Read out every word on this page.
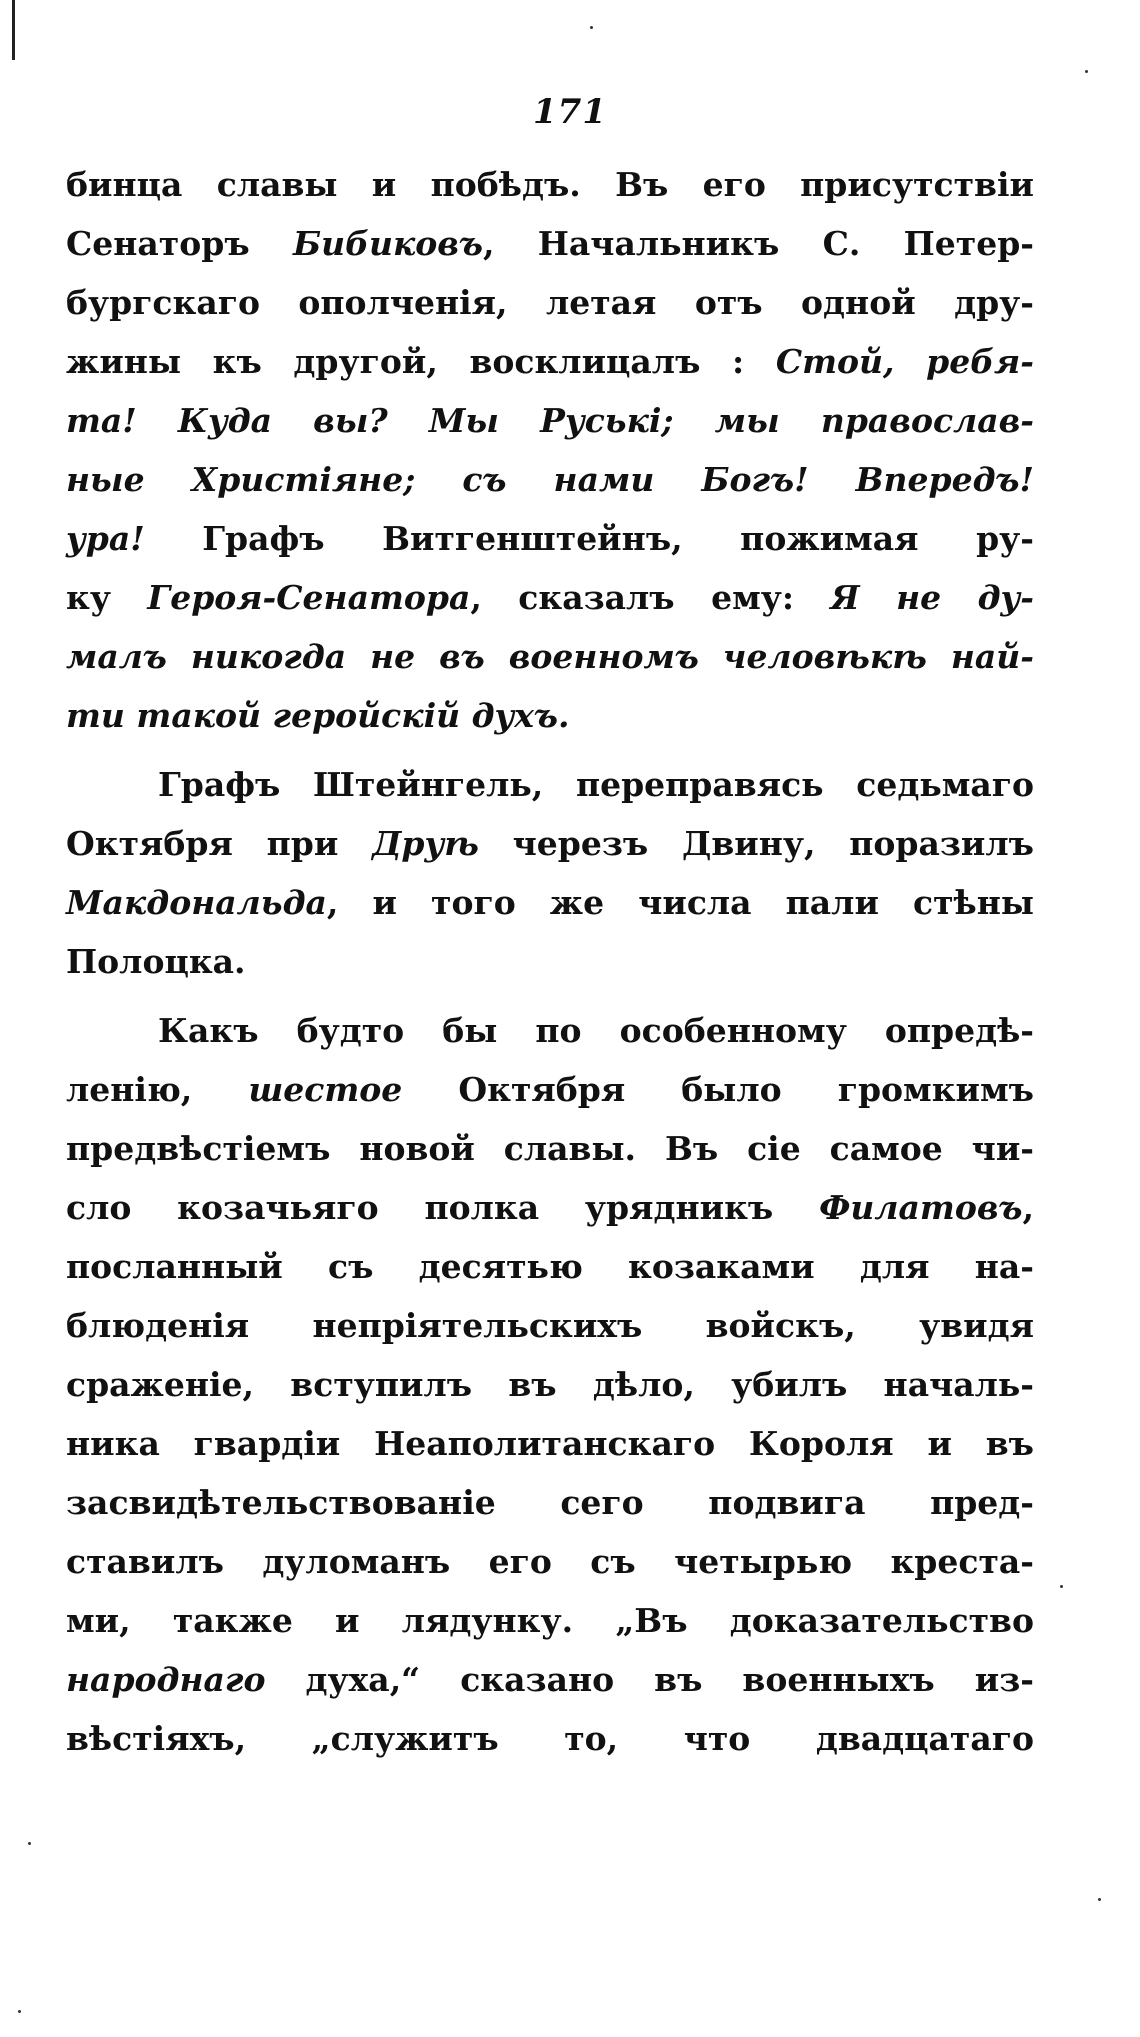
171
бинца славы и побѣдъ. Въ его присутствіи
Сенаторъ Бибиковъ, Начальникъ С. Петер-
бургскаго ополченія, летая отъ одной дру-
жины къ другой, восклицалъ : Стой, ребя-
та! Куда вы? Мы Руські; мы православ-
ные Христіяне; съ нами Богъ! Впередъ!
ура! Графъ Витгенштейнъ, пожимая ру-
ку Героя-Сенатора, сказалъ ему: Я не ду-
малъ никогда не въ военномъ человѣкѣ най-
ти такой геройскій духъ.
Графъ Штейнгель, переправясь седьмаго
Октября при Друѣ черезъ Двину, поразилъ
Макдональда, и того же числа пали стѣны
Полоцка.
Какъ будто бы по особенному опредѣ-
ленію, шестое Октября было громкимъ
предвѣстіемъ новой славы. Въ сіе самое чи-
сло козачьяго полка урядникъ Филатовъ,
посланный съ десятью козаками для на-
блюденія непріятельскихъ войскъ, увидя
сраженіе, вступилъ въ дѣло, убилъ началь-
ника гвардіи Неаполитанскаго Короля и въ
засвидѣтельствованіе сего подвига пред-
ставилъ дуломанъ его съ четырью креста-
ми, также и лядунку. „Въ доказательство
народнаго духа,“ сказано въ военныхъ из-
вѣстіяхъ, „служитъ то, что двадцатаго
